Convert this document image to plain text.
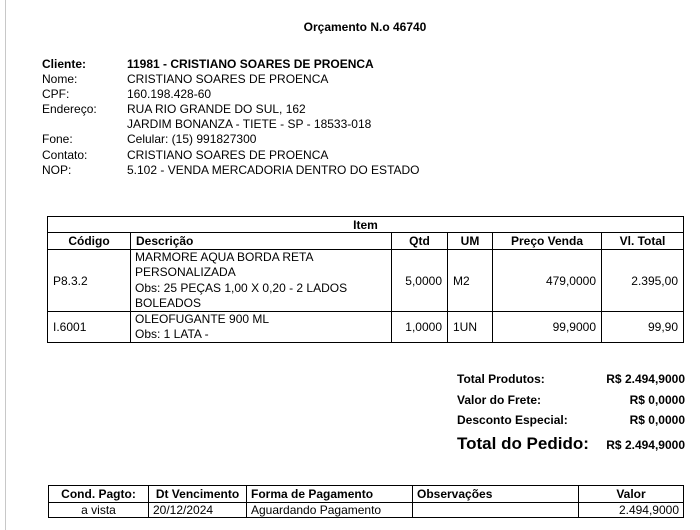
Orçamento N.o 46740
Cliente:	11981 - CRISTIANO SOARES DE PROENCA
Nome:	CRISTIANO SOARES DE PROENCA
CPF:	160.198.428-60
Endereço:	RUA RIO GRANDE DO SUL, 162
	JARDIM BONANZA - TIETE - SP - 18533-018
Fone:	Celular: (15) 991827300
Contato:	CRISTIANO SOARES DE PROENCA
NOP:	5.102 - VENDA MERCADORIA DENTRO DO ESTADO
Item					
Código	Descrição	Qtd	UM	Preço Venda	Vl. Total
P8.3.2	MARMORE AQUA BORDA RETA
PERSONALIZADA
Obs: 25 PEÇAS 1,00 X 0,20 - 2 LADOS
BOLEADOS	5,0000	M2	479,0000	2.395,00
I.6001	OLEOFUGANTE 900 ML
Obs: 1 LATA -	1,0000	1UN	99,9000	99,90
Total Produtos:	R$ 2.494,9000
Valor do Frete:	R$ 0,0000
Desconto Especial:	R$ 0,0000
Total do Pedido: R$ 2.494,9000
Cond. Pagto:	Dt Vencimento	Forma de Pagamento	Observações	Valor
a vista	20/12/2024	Aguardando Pagamento		2.494,9000
